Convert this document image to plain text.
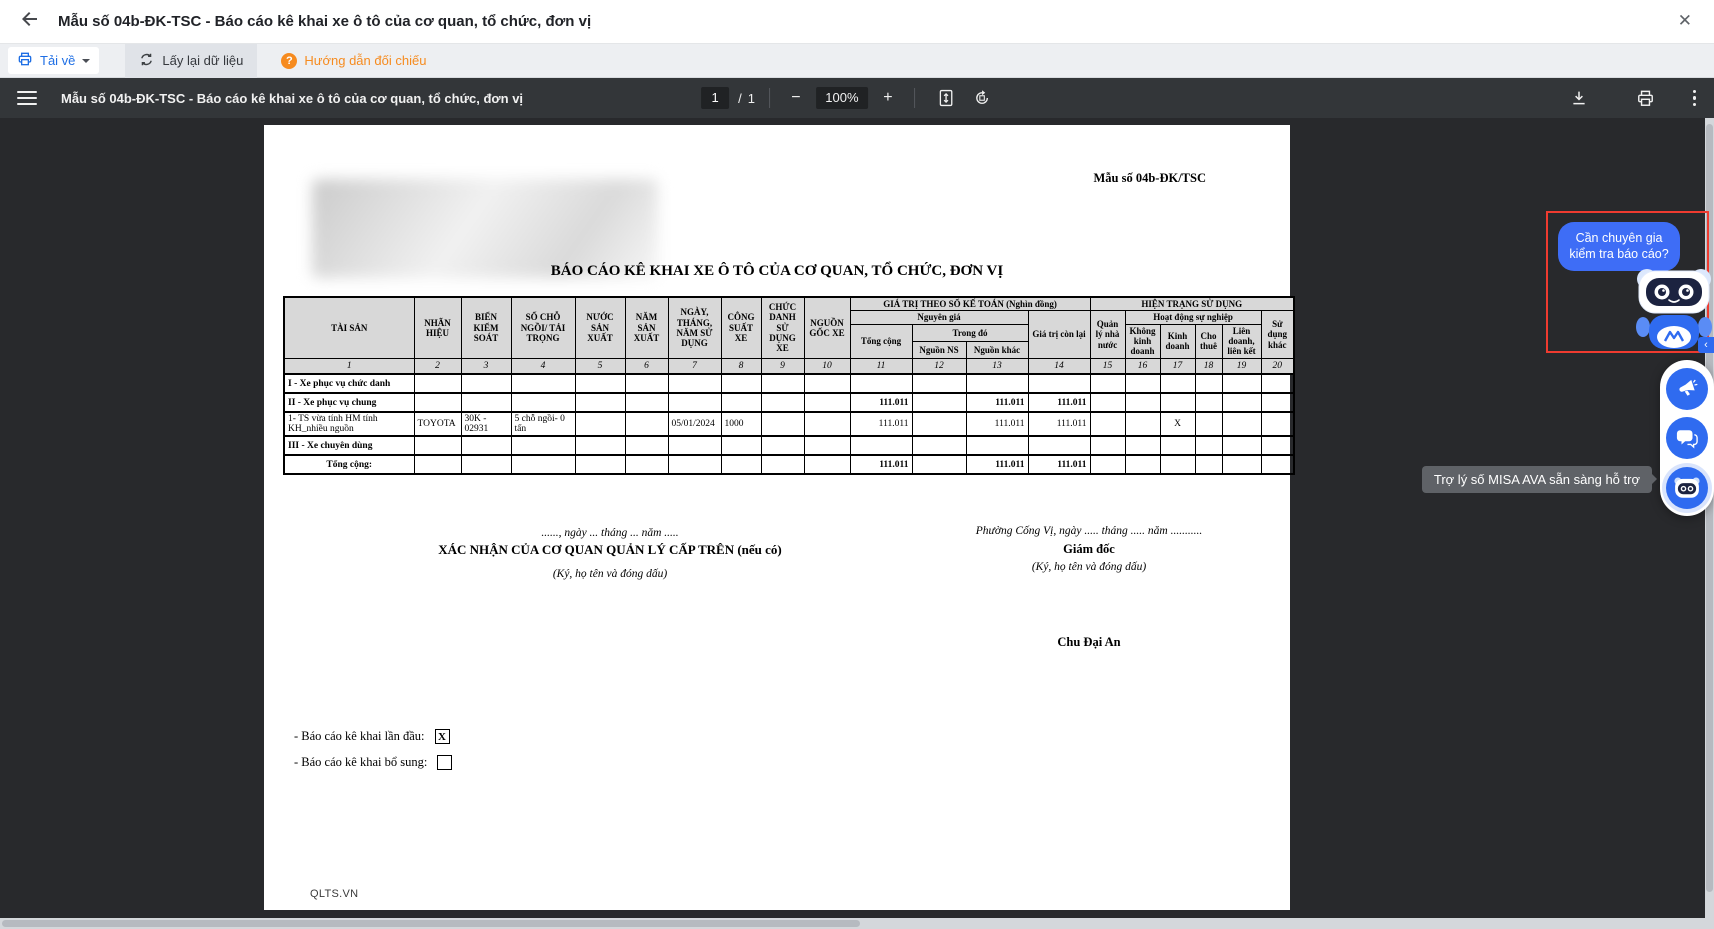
Mẫu số 04b-ĐK-TSC - Báo cáo kê khai xe ô tô của cơ quan, tổ chức, đơn vị	✕
Tải về	Lấy lại dữ liệu	? Hướng dẫn đối chiếu
Mẫu số 04b-ĐK-TSC - Báo cáo kê khai xe ô tô của cơ quan, tổ chức, đơn vị	1	/ 1	−	100%	+
Mẫu số 04b-ĐK/TSC
BÁO CÁO KÊ KHAI XE Ô TÔ CỦA CƠ QUAN, TỔ CHỨC, ĐƠN VỊ
TÀI SẢN	NHÃN HIỆU	BIỂN KIỂM SOÁT	SỐ CHỖ NGỒI/ TẢI TRỌNG	NƯỚC SẢN XUẤT	NĂM SẢN XUẤT	NGÀY, THÁNG, NĂM SỬ DỤNG	CÔNG SUẤT XE	CHỨC DANH SỬ DỤNG XE	NGUỒN GỐC XE	GIÁ TRỊ THEO SỔ KẾ TOÁN (Nghìn đồng)				HIỆN TRẠNG SỬ DỤNG					
										Nguyên giá			Giá trị còn lại	Quản lý nhà nước	Hoạt động sự nghiệp				Sử dụng khác
										Tổng cộng	Trong đó				Không kinh doanh	Kinh doanh	Cho thuê	Liên doanh, liên kết	
											Nguồn NS	Nguồn khác							
1	2	3	4	5	6	7	8	9	10	11	12	13	14	15	16	17	18	19	20
I - Xe phục vụ chức danh																			
II - Xe phục vụ chung										111.011		111.011	111.011						
1- TS vừa tính HM tính KH_nhiều nguồn	TOYOTA	30K - 02931	5 chỗ ngồi- 0 tấn			05/01/2024	1000			111.011		111.011	111.011			X			
III - Xe chuyên dùng																			
Tổng cộng:										111.011		111.011	111.011						
......, ngày ... tháng ... năm .....
XÁC NHẬN CỦA CƠ QUAN QUẢN LÝ CẤP TRÊN (nếu có)
(Ký, họ tên và đóng dấu)
Phường Cống Vị, ngày ..... tháng ..... năm ...........
Giám đốc
(Ký, họ tên và đóng dấu)
Chu Đại An
- Báo cáo kê khai lần đầu:	X
- Báo cáo kê khai bổ sung:
QLTS.VN
Cần chuyên gia kiểm tra báo cáo?
‹
Trợ lý số MISA AVA sẵn sàng hỗ trợ
